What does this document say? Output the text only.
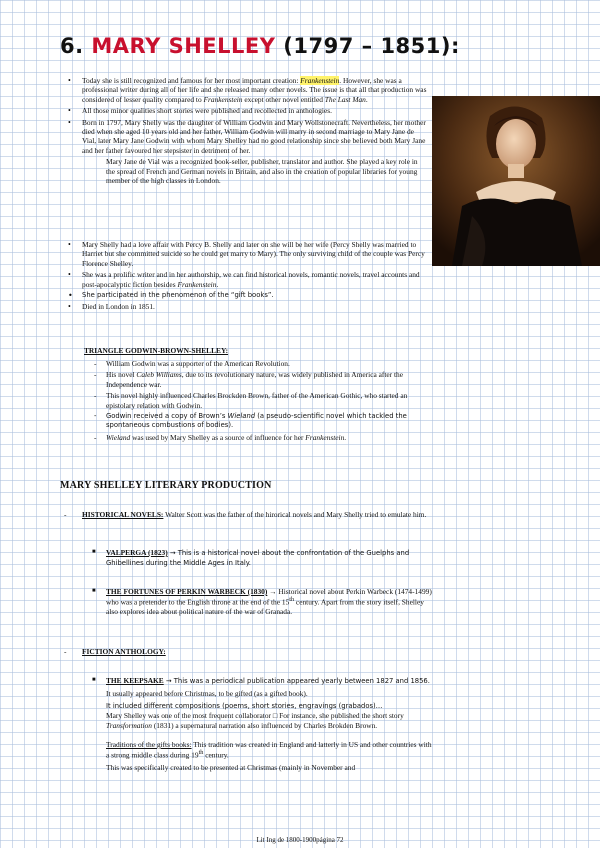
6. MARY SHELLEY (1797 – 1851):
• Today she is still recognized and famous for her most important creation: Frankenstein. However, she was a professional writer during all of her life and she released many other novels. The issue is that all that production was considered of lesser quality compared to Frankenstein except other novel entitled The Last Man.
• All those minor qualities short stories were published and recollected in anthologies.
• Born in 1797, Mary Shelly was the daughter of William Godwin and Mary Wollstonecraft. Nevertheless, her mother died when she aged 10 years old and her father, William Godwin will marry in second marriage to Mary Jane de Vial, later Mary Jane Godwin with whom Mary Shelley had no good relationship since she believed both Mary Jane and her father favoured her stepsister in detriment of her.
Mary Jane de Vial was a recognized book-seller, publisher, translator and author. She played a key role in the spread of French and German novels in Britain, and also in the creation of popular libraries for young member of the high classes in London.
• Mary Shelly had a love affair with Percy B. Shelly and later on she will be her wife (Percy Shelly was married to Harriet but she committed suicide so he could get marry to Mary). The only surviving child of the couple was Percy Florence Shelley.
• She was a prolific writer and in her authorship, we can find historical novels, romantic novels, travel accounts and post-apocalyptic fiction besides Frankenstein.
• She participated in the phenomenon of the “gift books”.
• Died in London in 1851.
TRIANGLE GODWIN-BROWN-SHELLEY:
- William Godwin was a supporter of the American Revolution.
- His novel Caleb Williams, due to its revolutionary nature, was widely published in America after the Independence war.
- This novel highly influenced Charles Brockden Brown, father of the American Gothic, who started an epistolary relation with Godwin.
- Godwin received a copy of Brown’s Wieland (a pseudo-scientific novel which tackled the spontaneous combustions of bodies).
- Wieland was used by Mary Shelley as a source of influence for her Frankenstein.
MARY SHELLEY LITERARY PRODUCTION
-	HISTORICAL NOVELS: Walter Scott was the father of the hirorical novels and Mary Shelly tried to emulate him.
■	VALPERGA (1823) → This is a historical novel about the confrontation of the Guelphs and Ghibellines during the Middle Ages in Italy.
■	THE FORTUNES OF PERKIN WARBECK (1830) → Historical novel about Perkin Warbeck (1474-1499) who was a pretender to the English throne at the end of the 15th century. Apart from the story itself, Shelley also explores idea about political nature of the war of Granada.
-	FICTION ANTHOLOGY:
■	THE KEEPSAKE → This was a periodical publication appeared yearly between 1827 and 1856.
It usually appeared before Christmas, to be gifted (as a gifted book).
It included different compositions (poems, short stories, engravings (grabados)…
Mary Shelley was one of the most frequent collaborator □ For instance, she published the short story Transformation (1831) a supernatural narration also influenced by Charles Brokden Brown.
Traditions of the gifts books: This tradition was created in England and latterly in US and other countries with a strong middle class during 19th century.
This was specifically created to be presented at Christmas (mainly in November and
Lit Ing de 1800-1900página 72
